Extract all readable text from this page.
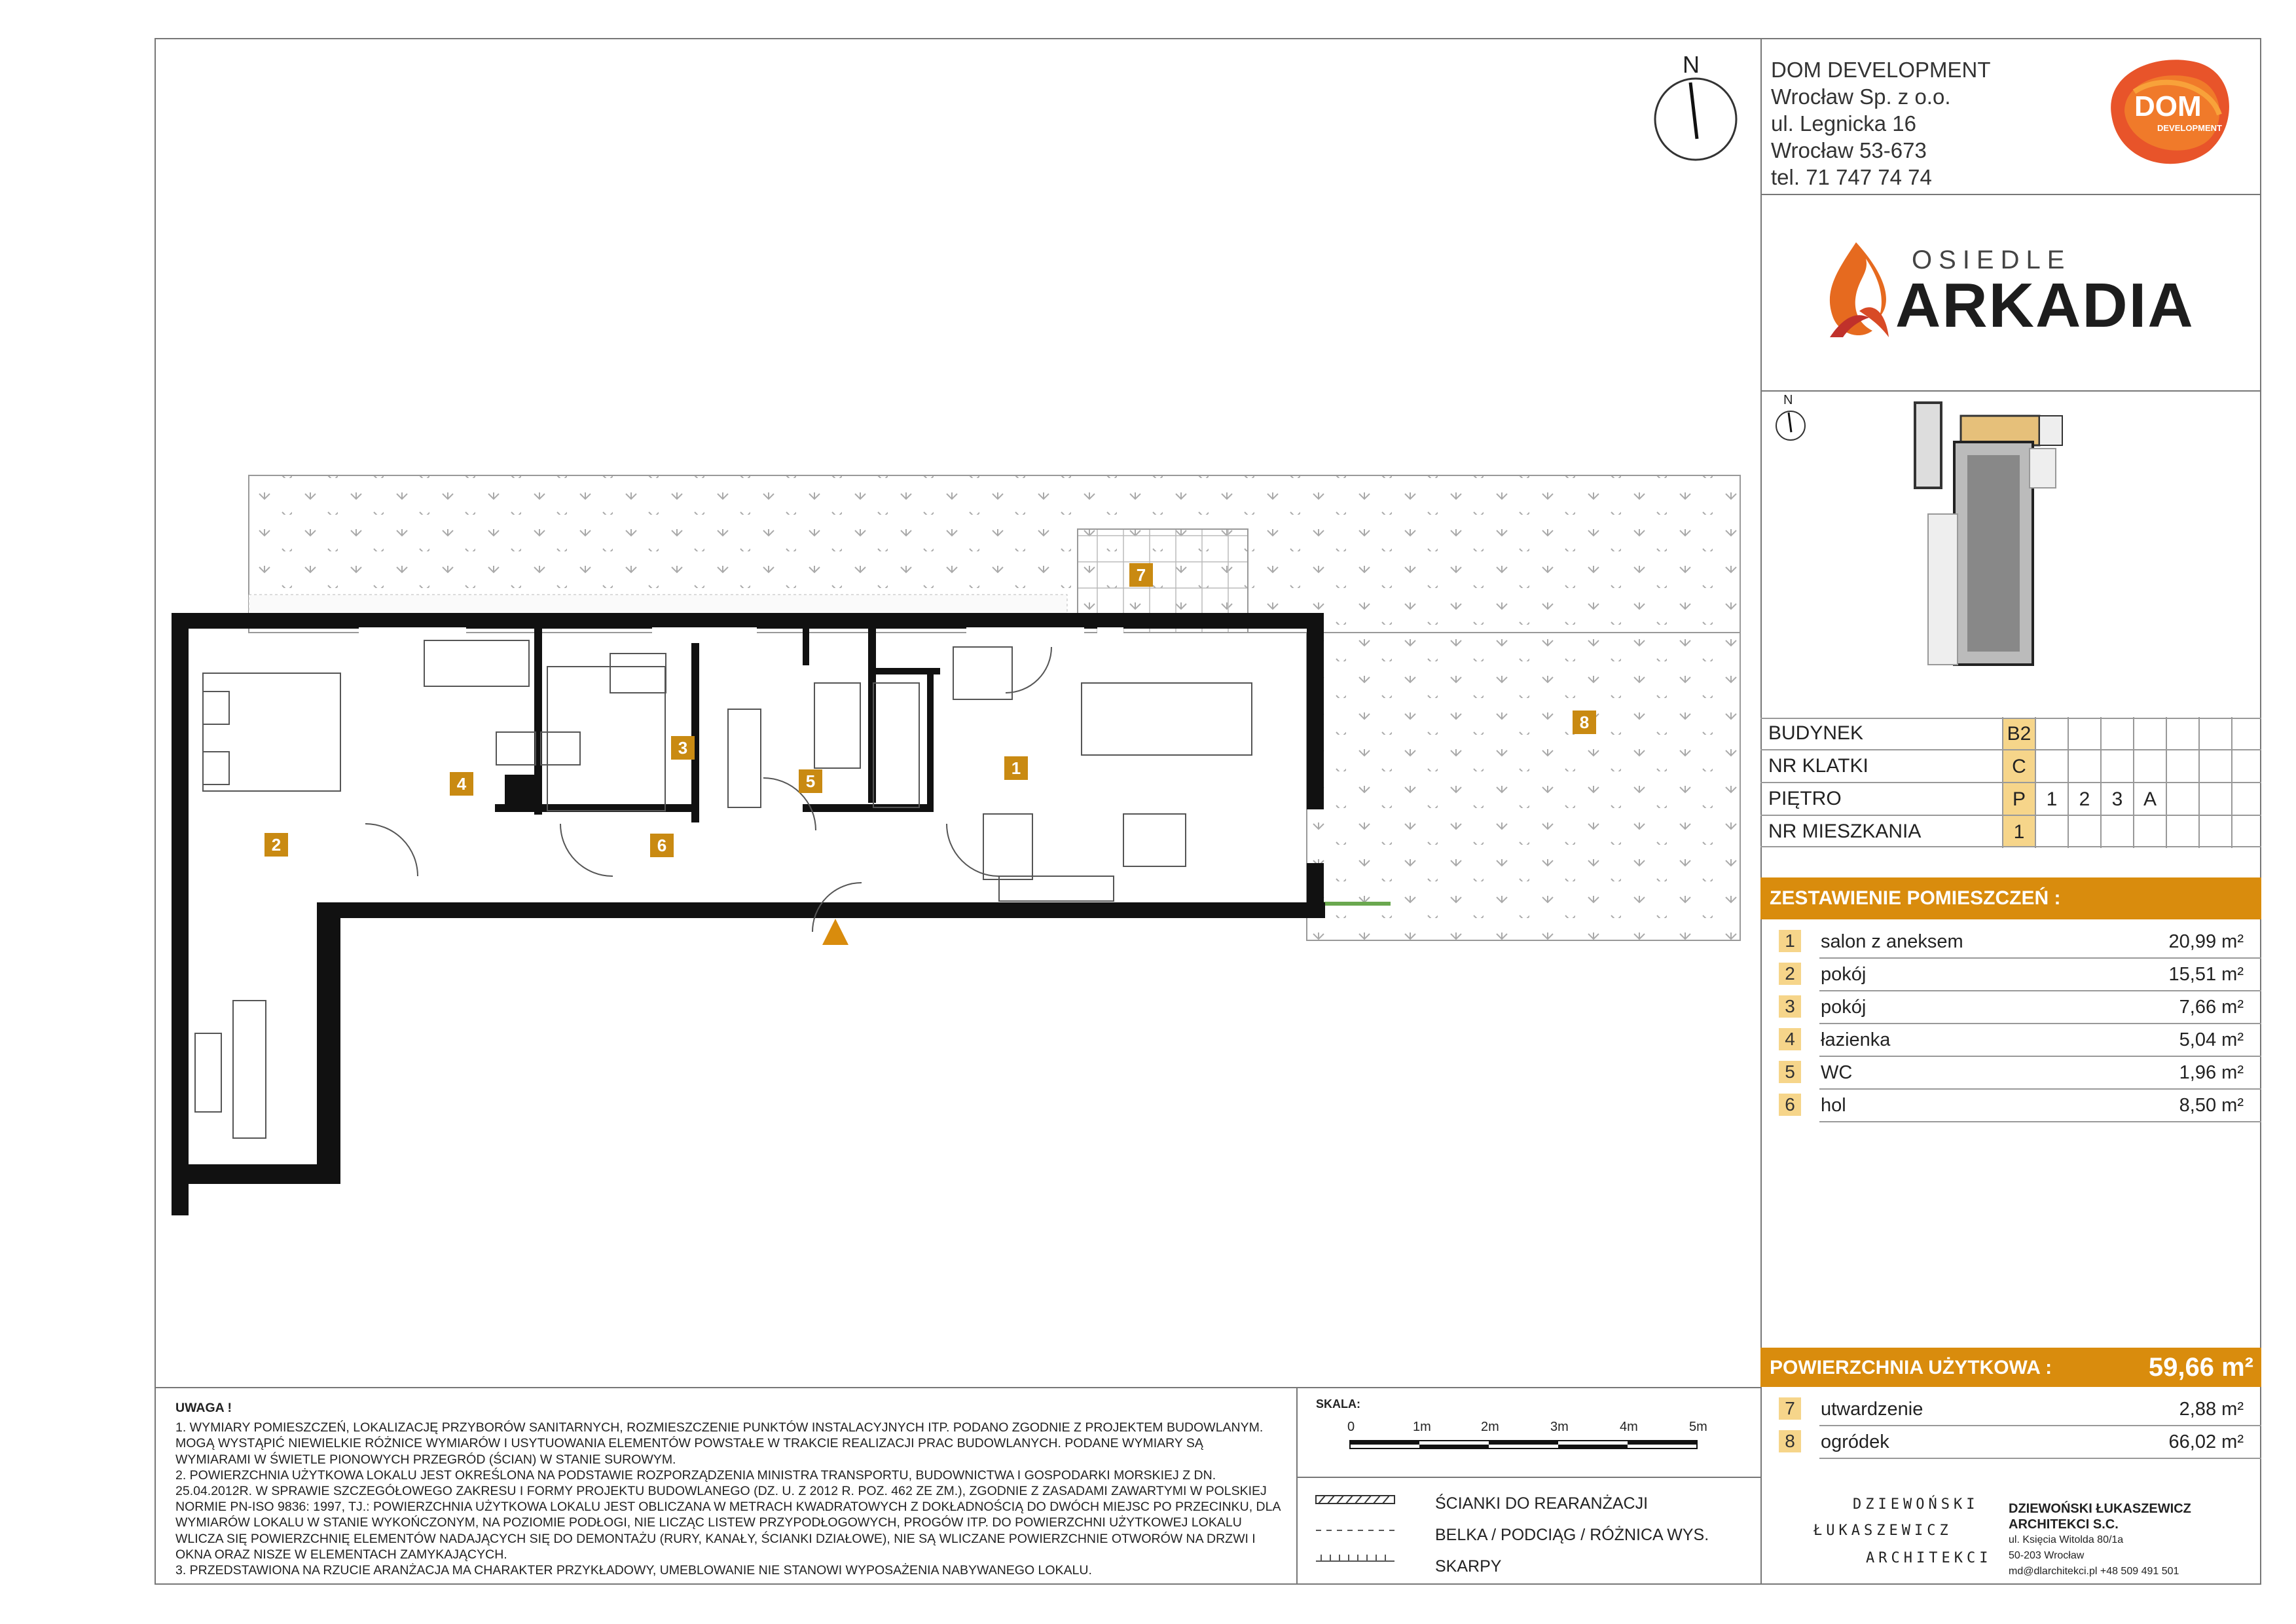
N	DOM DEVELOPMENT
Wrocław Sp. z o.o.
ul. Legnicka 16
Wrocław 53-673
tel. 71 747 74 74
DOM
DEVELOPMENT
OSIEDLE
ARKADIA
N
BUDYNEK	B2
NR KLATKI	C
PIĘTRO	P	1	2	3	A
NR MIESZKANIA	1
ZESTAWIENIE POMIESZCZEŃ :
1	salon z aneksem	20,99 m²
2	pokój	15,51 m²
3	pokój	7,66 m²
4	łazienka	5,04 m²
5	WC	1,96 m²
6	hol	8,50 m²
POWIERZCHNIA UŻYTKOWA :	59,66 m²
7	utwardzenie	2,88 m²
8	ogródek	66,02 m²
UWAGA !
1. WYMIARY POMIESZCZEŃ, LOKALIZACJĘ PRZYBORÓW SANITARNYCH, ROZMIESZCZENIE PUNKTÓW INSTALACYJNYCH ITP. PODANO ZGODNIE Z PROJEKTEM BUDOWLANYM. MOGĄ WYSTĄPIĆ NIEWIELKIE RÓŻNICE WYMIARÓW I USYTUOWANIA ELEMENTÓW POWSTAŁE W TRAKCIE REALIZACJI PRAC BUDOWLANYCH. PODANE WYMIARY SĄ WYMIARAMI W ŚWIETLE PIONOWYCH PRZEGRÓD (ŚCIAN) W STANIE SUROWYM.
2. POWIERZCHNIA UŻYTKOWA LOKALU JEST OKREŚLONA NA PODSTAWIE ROZPORZĄDZENIA MINISTRA TRANSPORTU, BUDOWNICTWA I GOSPODARKI MORSKIEJ Z DN. 25.04.2012R. W SPRAWIE SZCZEGÓŁOWEGO ZAKRESU I FORMY PROJEKTU BUDOWLANEGO (DZ. U. Z 2012 R. POZ. 462 ZE ZM.), ZGODNIE Z ZASADAMI ZAWARTYMI W POLSKIEJ NORMIE PN-ISO 9836: 1997, TJ.: POWIERZCHNIA UŻYTKOWA LOKALU JEST OBLICZANA W METRACH KWADRATOWYCH Z DOKŁADNOŚCIĄ DO DWÓCH MIEJSC PO PRZECINKU, DLA WYMIARÓW LOKALU W STANIE WYKOŃCZONYM, NA POZIOMIE PODŁOGI, NIE LICZĄC LISTEW PRZYPODŁOGOWYCH, PROGÓW ITP. DO POWIERZCHNI UŻYTKOWEJ LOKALU WLICZA SIĘ POWIERZCHNIĘ ELEMENTÓW NADAJĄCYCH SIĘ DO DEMONTAŻU (RURY, KANAŁY, ŚCIANKI DZIAŁOWE), NIE SĄ WLICZANE POWIERZCHNIE OTWORÓW NA DRZWI I OKNA ORAZ NISZE W ELEMENTACH ZAMYKAJĄCYCH.
3. PRZEDSTAWIONA NA RZUCIE ARANŻACJA MA CHARAKTER PRZYKŁADOWY, UMEBLOWANIE NIE STANOWI WYPOSAŻENIA NABYWANEGO LOKALU.
SKALA:
0	1m	2m	3m	4m	5m
ŚCIANKI DO REARANŻACJI
BELKA / PODCIĄG / RÓŻNICA WYS.
SKARPY
DZIEWOŃSKI
ŁUKASZEWICZ
ARCHITEKCI
DZIEWOŃSKI ŁUKASZEWICZ
ARCHITEKCI S.C.
ul. Księcia Witolda 80/1a
50-203 Wrocław
md@dlarchitekci.pl +48 509 491 501
1
2
3
4	5
6
7
8
